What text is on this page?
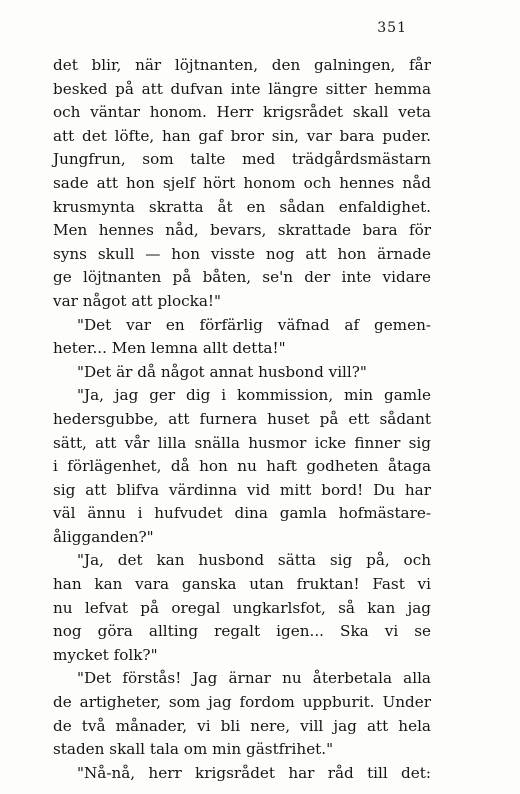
351
det blir, när löjtnanten, den galningen, får
besked på att dufvan inte längre sitter hemma
och väntar honom. Herr krigsrådet skall veta
att det löfte, han gaf bror sin, var bara puder.
Jungfrun, som talte med trädgårdsmästarn
sade att hon sjelf hört honom och hennes nåd
krusmynta skratta åt en sådan enfaldighet.
Men hennes nåd, bevars, skrattade bara för
syns skull — hon visste nog att hon ärnade
ge löjtnanten på båten, se'n der inte vidare
var något att plocka!"
"Det var en förfärlig väfnad af gemen-
heter... Men lemna allt detta!"
"Det är då något annat husbond vill?"
"Ja, jag ger dig i kommission, min gamle
hedersgubbe, att furnera huset på ett sådant
sätt, att vår lilla snälla husmor icke finner sig
i förlägenhet, då hon nu haft godheten åtaga
sig att blifva värdinna vid mitt bord! Du har
väl ännu i hufvudet dina gamla hofmästare-
åligganden?"
"Ja, det kan husbond sätta sig på, och
han kan vara ganska utan fruktan! Fast vi
nu lefvat på oregal ungkarlsfot, så kan jag
nog göra allting regalt igen... Ska vi se
mycket folk?"
"Det förstås! Jag ärnar nu återbetala alla
de artigheter, som jag fordom uppburit. Under
de två månader, vi bli nere, vill jag att hela
staden skall tala om min gästfrihet."
"Nå-nå, herr krigsrådet har råd till det:
